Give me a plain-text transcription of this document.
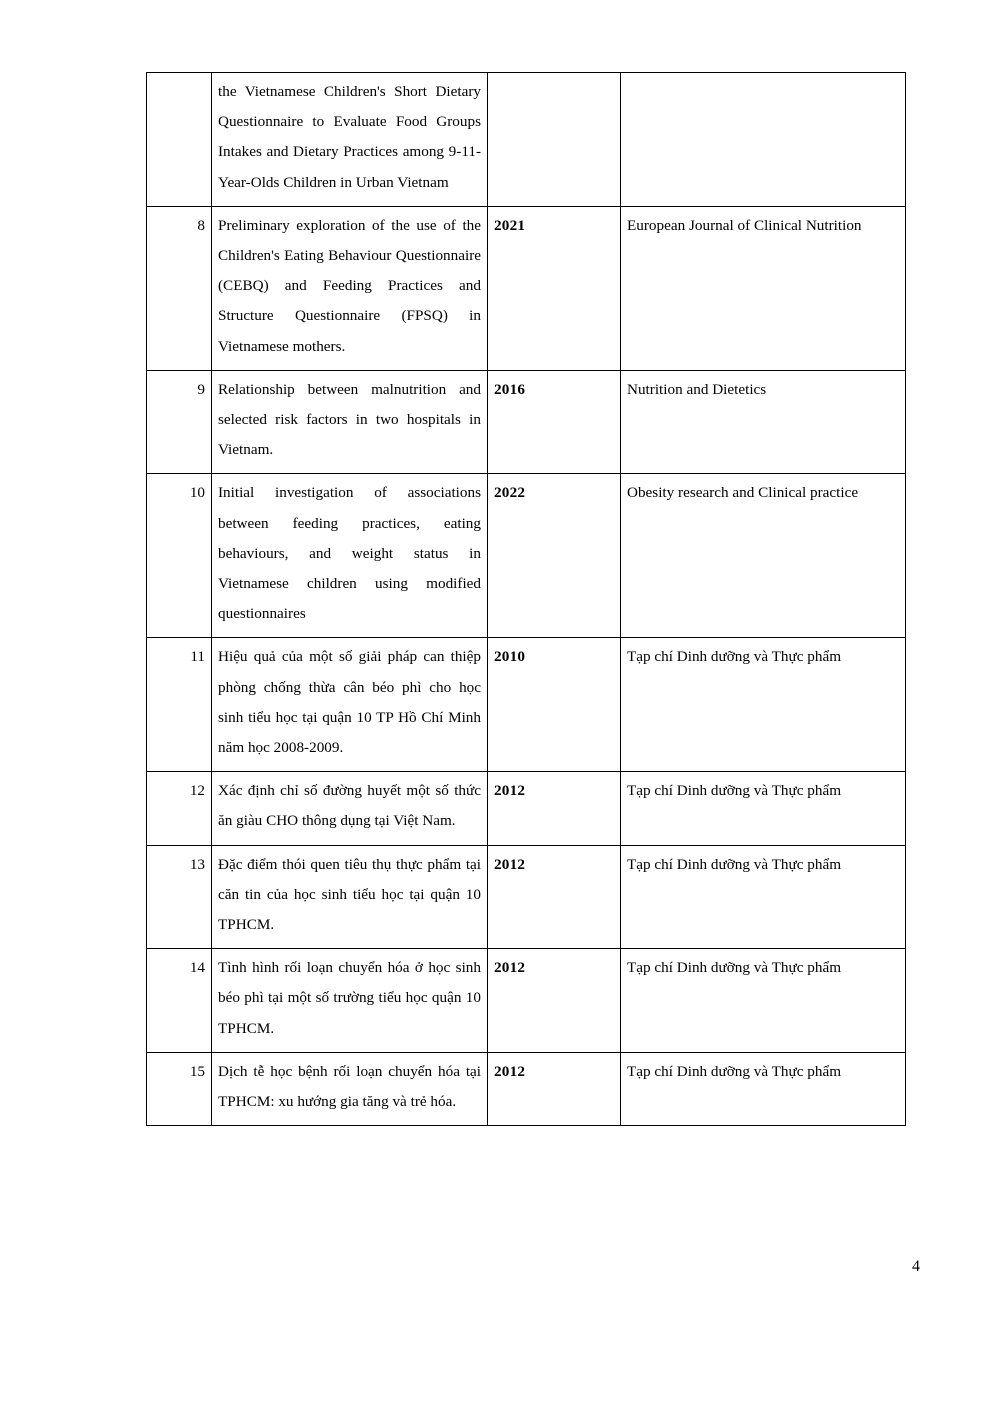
	the Vietnamese Children's Short Dietary Questionnaire to Evaluate Food Groups Intakes and Dietary Practices among 9-11-Year-Olds Children in Urban Vietnam		
8	Preliminary exploration of the use of the Children's Eating Behaviour Questionnaire (CEBQ) and Feeding Practices and Structure Questionnaire (FPSQ) in Vietnamese mothers.	2021	European Journal of Clinical Nutrition
9	Relationship between malnutrition and selected risk factors in two hospitals in Vietnam.	2016	Nutrition and Dietetics
10	Initial investigation of associations between feeding practices, eating behaviours, and weight status in Vietnamese children using modified questionnaires	2022	Obesity research and Clinical practice
11	Hiệu quả của một số giải pháp can thiệp phòng chống thừa cân béo phì cho học sinh tiểu học tại quận 10 TP Hồ Chí Minh năm học 2008-2009.	2010	Tạp chí Dinh dưỡng và Thực phẩm
12	Xác định chỉ số đường huyết một số thức ăn giàu CHO thông dụng tại Việt Nam.	2012	Tạp chí Dinh dưỡng và Thực phẩm
13	Đặc điểm thói quen tiêu thụ thực phẩm tại căn tin của học sinh tiểu học tại quận 10 TPHCM.	2012	Tạp chí Dinh dưỡng và Thực phẩm
14	Tình hình rối loạn chuyển hóa ở học sinh béo phì tại một số trường tiểu học quận 10 TPHCM.	2012	Tạp chí Dinh dưỡng và Thực phẩm
15	Dịch tễ học bệnh rối loạn chuyển hóa tại TPHCM: xu hướng gia tăng và trẻ hóa.	2012	Tạp chí Dinh dưỡng và Thực phẩm
4
